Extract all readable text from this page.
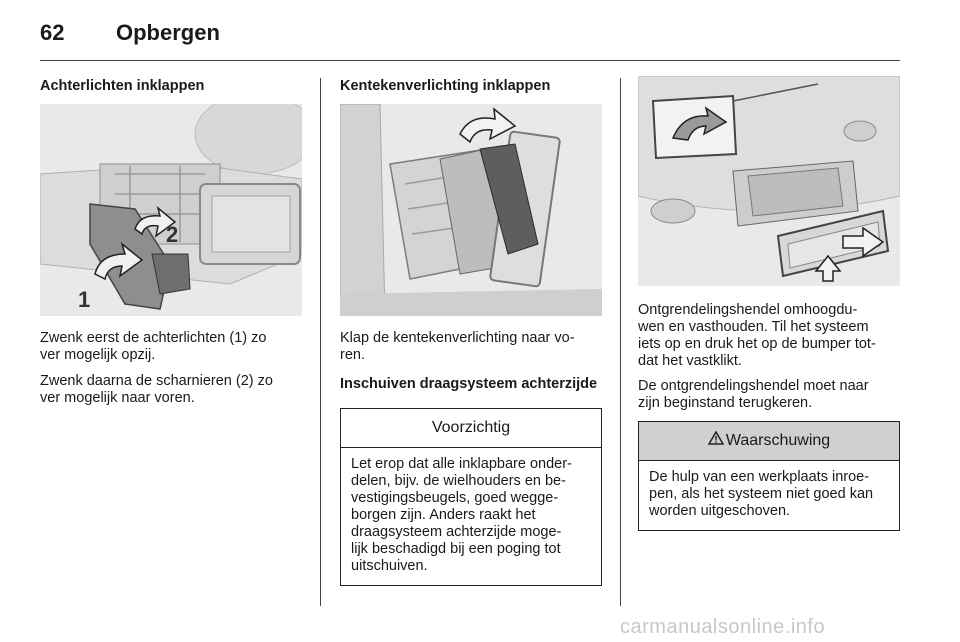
62 Opbergen
Achterlichten inklappen
2
1
Zwenk eerst de achterlichten (1) zo
ver mogelijk opzij.
Zwenk daarna de scharnieren (2) zo
ver mogelijk naar voren.
Kentekenverlichting inklappen
Klap de kentekenverlichting naar vo-
ren.
Inschuiven draagsysteem achterzijde
Voorzichtig
Let erop dat alle inklapbare onder-
delen, bijv. de wielhouders en be-
vestigingsbeugels, goed wegge-
borgen zijn. Anders raakt het
draagsysteem achterzijde moge-
lijk beschadigd bij een poging tot
uitschuiven.
Ontgrendelingshendel omhoogdu-
wen en vasthouden. Til het systeem
iets op en druk het op de bumper tot-
dat het vastklikt.
De ontgrendelingshendel moet naar
zijn beginstand terugkeren.
Waarschuwing
De hulp van een werkplaats inroe-
pen, als het systeem niet goed kan
worden uitgeschoven.
carmanualsonline.info
